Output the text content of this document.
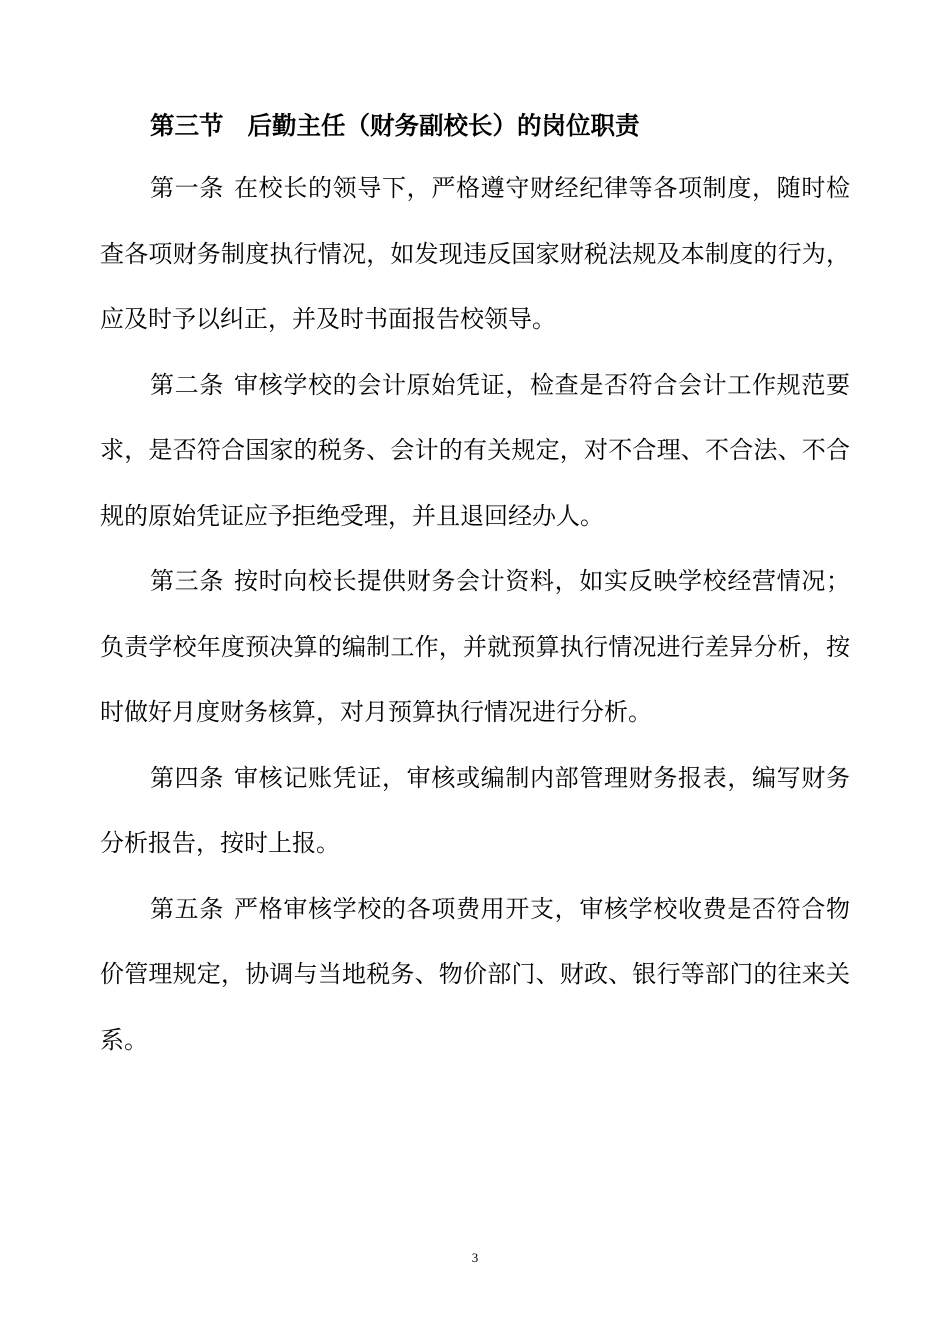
第三节 后勤主任（财务副校长）的岗位职责

第一条 在校长的领导下，严格遵守财经纪律等各项制度，随时检查各项财务制度执行情况，如发现违反国家财税法规及本制度的行为，应及时予以纠正，并及时书面报告校领导。

第二条 审核学校的会计原始凭证，检查是否符合会计工作规范要求，是否符合国家的税务、会计的有关规定，对不合理、不合法、不合规的原始凭证应予拒绝受理，并且退回经办人。

第三条 按时向校长提供财务会计资料，如实反映学校经营情况；负责学校年度预决算的编制工作，并就预算执行情况进行差异分析，按时做好月度财务核算，对月预算执行情况进行分析。

第四条 审核记账凭证，审核或编制内部管理财务报表，编写财务分析报告，按时上报。

第五条 严格审核学校的各项费用开支，审核学校收费是否符合物价管理规定，协调与当地税务、物价部门、财政、银行等部门的往来关系。

3
